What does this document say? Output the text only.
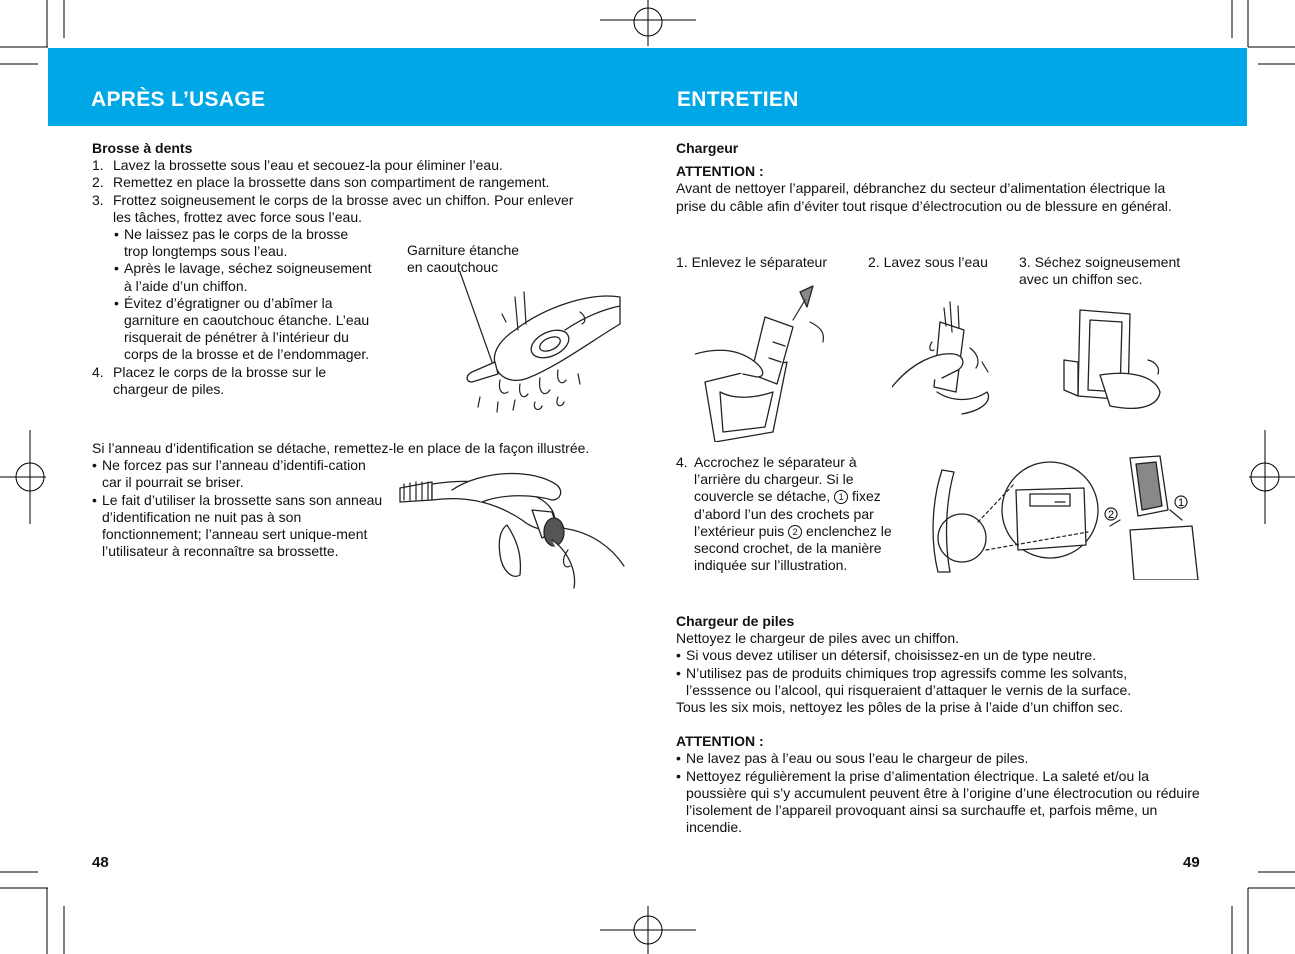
APRÈS L’USAGE	ENTRETIEN
Brosse à dents
1. Lavez la brossette sous l’eau et secouez-la pour éliminer l’eau.
2. Remettez en place la brossette dans son compartiment de rangement.
3. Frottez soigneusement le corps de la brosse avec un chiffon. Pour enlever les tâches, frottez avec force sous l’eau.
• Ne laissez pas le corps de la brosse trop longtemps sous l’eau.
• Après le lavage, séchez soigneusement à l’aide d’un chiffon.
• Évitez d’égratigner ou d’abîmer la garniture en caoutchouc étanche. L’eau risquerait de pénétrer à l’intérieur du corps de la brosse et de l’endommager.
4. Placez le corps de la brosse sur le chargeur de piles.
Garniture étanche
en caoutchouc
Si l’anneau d’identification se détache, remettez-le en place de la façon illustrée.
• Ne forcez pas sur l’anneau d’identifi-cation car il pourrait se briser.
• Le fait d’utiliser la brossette sans son anneau d’identification ne nuit pas à son fonctionnement; l’anneau sert unique-ment l’utilisateur à reconnaître sa brossette.
48
Chargeur
ATTENTION :
Avant de nettoyer l’appareil, débranchez du secteur d’alimentation électrique la prise du câble afin d’éviter tout risque d’électrocution ou de blessure en général.
1. Enlevez le séparateur	2. Lavez sous l’eau 3. Séchez soigneusement avec un chiffon sec.
4. Accrochez le séparateur à l’arrière du chargeur. Si le couvercle se détache, 1 fixez d’abord l’un des crochets par l’extérieur puis 2 enclenchez le second crochet, de la manière indiquée sur l’illustration.
1
2
Chargeur de piles
Nettoyez le chargeur de piles avec un chiffon.
• Si vous devez utiliser un détersif, choisissez-en un de type neutre.
• N’utilisez pas de produits chimiques trop agressifs comme les solvants, l’esssence ou l’alcool, qui risqueraient d’attaquer le vernis de la surface.
Tous les six mois, nettoyez les pôles de la prise à l’aide d’un chiffon sec.
ATTENTION :
• Ne lavez pas à l’eau ou sous l’eau le chargeur de piles.
• Nettoyez régulièrement la prise d’alimentation électrique. La saleté et/ou la poussière qui s’y accumulent peuvent être à l’origine d’une électrocution ou réduire l’isolement de l’appareil provoquant ainsi sa surchauffe et, parfois même, un incendie.
49
